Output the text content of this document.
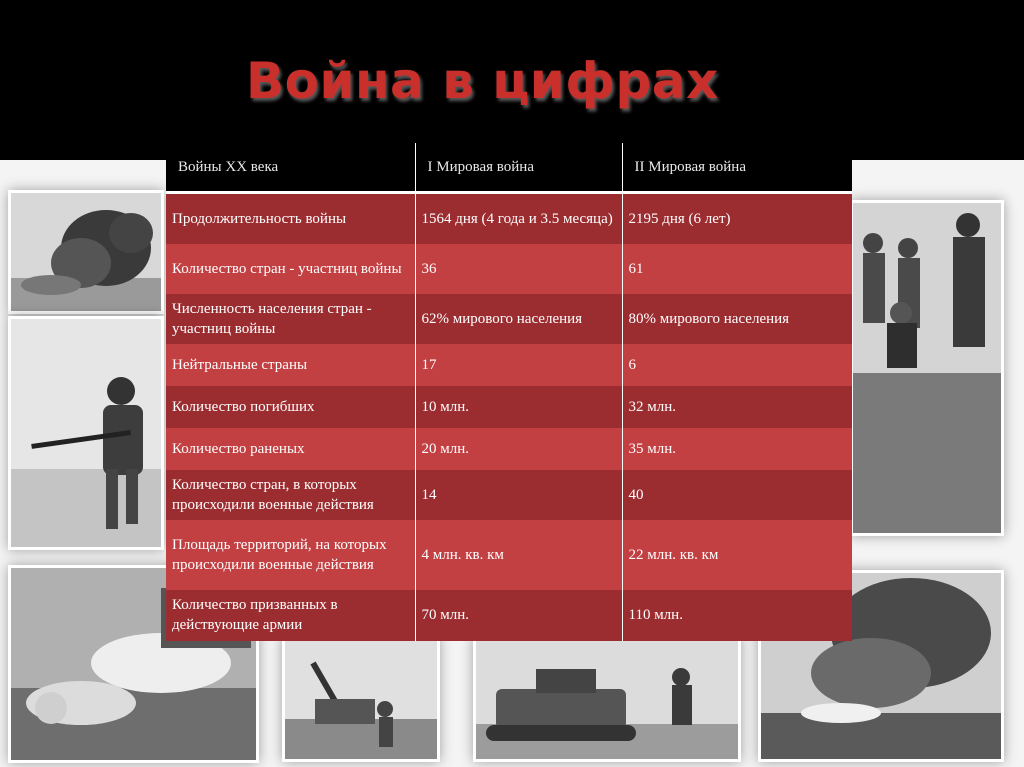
Война в цифрах
Войны XX века	I Мировая война	II Мировая война
Продолжительность войны	1564 дня (4 года и 3.5 месяца)	2195 дня (6 лет)
Количество стран - участниц войны	36	61
Численность населения стран - участниц войны	62% мирового населения	80% мирового населения
Нейтральные страны	17	6
Количество погибших	10 млн.	32 млн.
Количество раненых	20 млн.	35 млн.
Количество стран, в которых происходили военные действия	14	40
Площадь территорий, на которых происходили военные действия	4 млн. кв. км	22 млн. кв. км
Количество призванных в действующие армии	70 млн.	110 млн.
